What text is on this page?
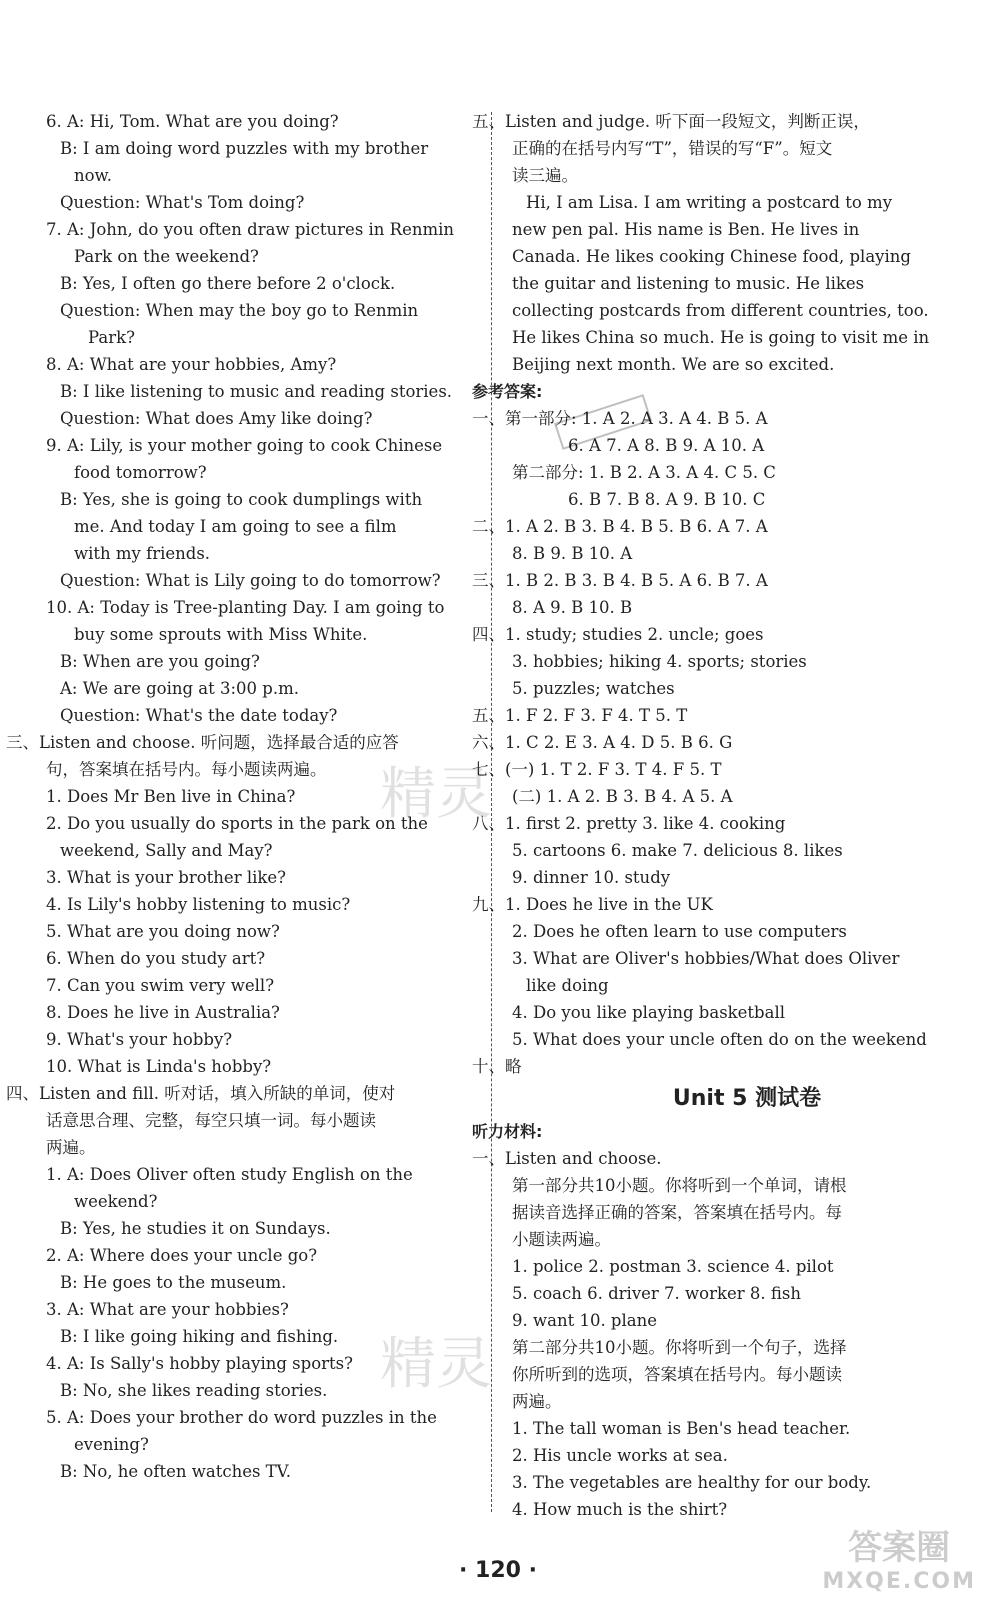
6. A: Hi, Tom. What are you doing?
B: I am doing word puzzles with my brother
now.
Question: What's Tom doing?
7. A: John, do you often draw pictures in Renmin
Park on the weekend?
B: Yes, I often go there before 2 o'clock.
Question: When may the boy go to Renmin
Park?
8. A: What are your hobbies, Amy?
B: I like listening to music and reading stories.
Question: What does Amy like doing?
9. A: Lily, is your mother going to cook Chinese
food tomorrow?
B: Yes, she is going to cook dumplings with
me. And today I am going to see a film
with my friends.
Question: What is Lily going to do tomorrow?
10. A: Today is Tree-planting Day. I am going to
buy some sprouts with Miss White.
B: When are you going?
A: We are going at 3:00 p.m.
Question: What's the date today?
三、Listen and choose. 听问题，选择最合适的应答
句，答案填在括号内。每小题读两遍。
1. Does Mr Ben live in China?
2. Do you usually do sports in the park on the
weekend, Sally and May?
3. What is your brother like?
4. Is Lily's hobby listening to music?
5. What are you doing now?
6. When do you study art?
7. Can you swim very well?
8. Does he live in Australia?
9. What's your hobby?
10. What is Linda's hobby?
四、Listen and fill. 听对话，填入所缺的单词，使对
话意思合理、完整，每空只填一词。每小题读
两遍。
1. A: Does Oliver often study English on the
weekend?
B: Yes, he studies it on Sundays.
2. A: Where does your uncle go?
B: He goes to the museum.
3. A: What are your hobbies?
B: I like going hiking and fishing.
4. A: Is Sally's hobby playing sports?
B: No, she likes reading stories.
5. A: Does your brother do word puzzles in the
evening?
B: No, he often watches TV.
五、Listen and judge. 听下面一段短文，判断正误，
正确的在括号内写“T”，错误的写“F”。短文
读三遍。
Hi, I am Lisa. I am writing a postcard to my
new pen pal. His name is Ben. He lives in
Canada. He likes cooking Chinese food, playing
the guitar and listening to music. He likes
collecting postcards from different countries, too.
He likes China so much. He is going to visit me in
Beijing next month. We are so excited.
参考答案:
一、第一部分: 1. A 2. A 3. A 4. B 5. A
6. A 7. A 8. B 9. A 10. A
第二部分: 1. B 2. A 3. A 4. C 5. C
6. B 7. B 8. A 9. B 10. C
二、1. A 2. B 3. B 4. B 5. B 6. A 7. A
8. B 9. B 10. A
三、1. B 2. B 3. B 4. B 5. A 6. B 7. A
8. A 9. B 10. B
四、1. study; studies 2. uncle; goes
3. hobbies; hiking 4. sports; stories
5. puzzles; watches
五、1. F 2. F 3. F 4. T 5. T
六、1. C 2. E 3. A 4. D 5. B 6. G
七、(一) 1. T 2. F 3. T 4. F 5. T
(二) 1. A 2. B 3. B 4. A 5. A
八、1. first 2. pretty 3. like 4. cooking
5. cartoons 6. make 7. delicious 8. likes
9. dinner 10. study
九、1. Does he live in the UK
2. Does he often learn to use computers
3. What are Oliver's hobbies/What does Oliver
like doing
4. Do you like playing basketball
5. What does your uncle often do on the weekend
十、略
Unit 5 测试卷
听力材料:
一、Listen and choose.
第一部分共10小题。你将听到一个单词，请根
据读音选择正确的答案，答案填在括号内。每
小题读两遍。
1. police 2. postman 3. science 4. pilot
5. coach 6. driver 7. worker 8. fish
9. want 10. plane
第二部分共10小题。你将听到一个句子，选择
你所听到的选项，答案填在括号内。每小题读
两遍。
1. The tall woman is Ben's head teacher.
2. His uncle works at sea.
3. The vegetables are healthy for our body.
4. How much is the shirt?
精灵
精灵
· 120 ·
答案圈
MXQE.COM
